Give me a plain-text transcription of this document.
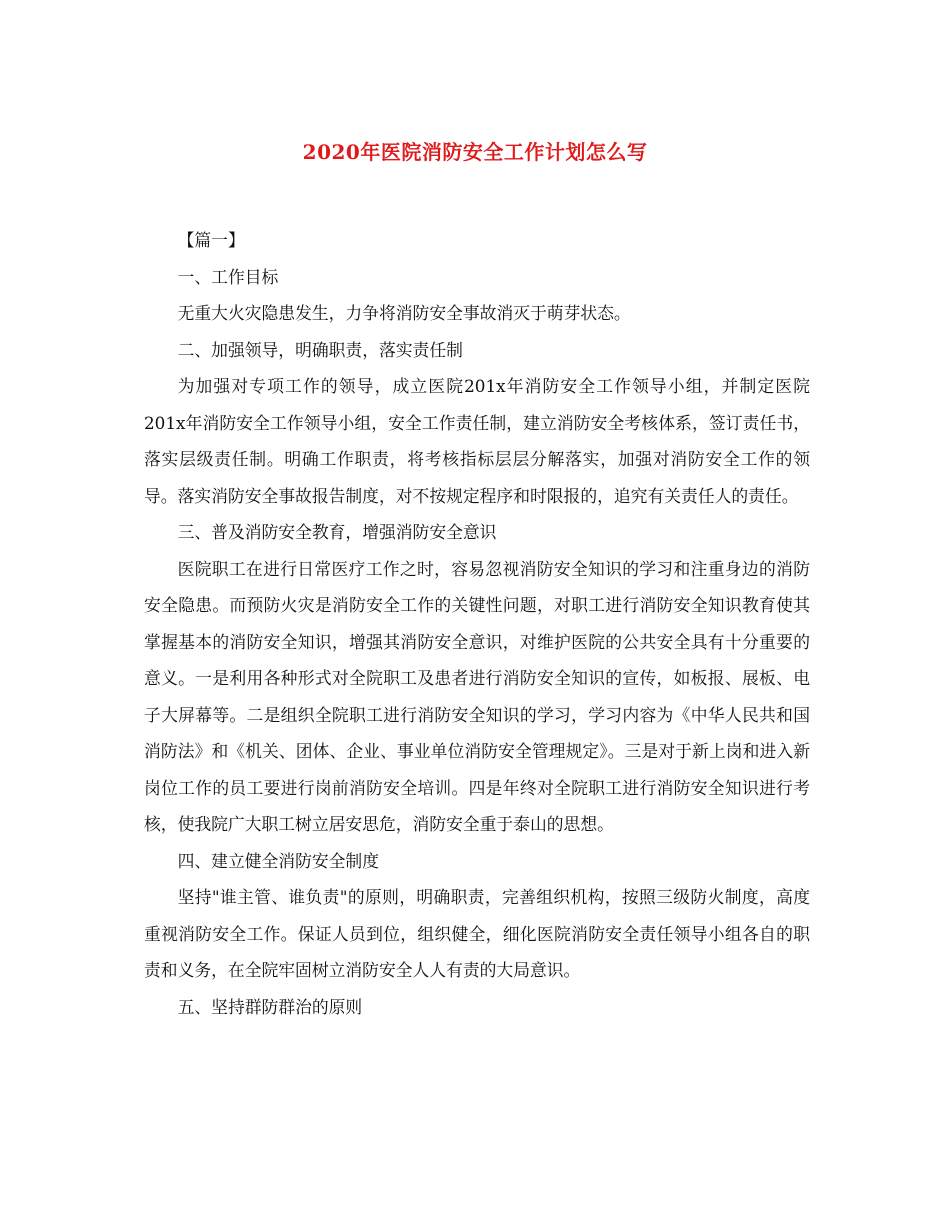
2020年医院消防安全工作计划怎么写

【篇一】

一、工作目标

无重大火灾隐患发生，力争将消防安全事故消灭于萌芽状态。

二、加强领导，明确职责，落实责任制

为加强对专项工作的领导，成立医院201x年消防安全工作领导小组，并制定医院201x年消防安全工作领导小组，安全工作责任制，建立消防安全考核体系，签订责任书，落实层级责任制。明确工作职责，将考核指标层层分解落实，加强对消防安全工作的领导。落实消防安全事故报告制度，对不按规定程序和时限报的，追究有关责任人的责任。

三、普及消防安全教育，增强消防安全意识

医院职工在进行日常医疗工作之时，容易忽视消防安全知识的学习和注重身边的消防安全隐患。而预防火灾是消防安全工作的关键性问题，对职工进行消防安全知识教育使其掌握基本的消防安全知识，增强其消防安全意识，对维护医院的公共安全具有十分重要的意义。一是利用各种形式对全院职工及患者进行消防安全知识的宣传，如板报、展板、电子大屏幕等。二是组织全院职工进行消防安全知识的学习，学习内容为《中华人民共和国消防法》和《机关、团体、企业、事业单位消防安全管理规定》。三是对于新上岗和进入新岗位工作的员工要进行岗前消防安全培训。四是年终对全院职工进行消防安全知识进行考核，使我院广大职工树立居安思危，消防安全重于泰山的思想。

四、建立健全消防安全制度

坚持"谁主管、谁负责"的原则，明确职责，完善组织机构，按照三级防火制度，高度重视消防安全工作。保证人员到位，组织健全，细化医院消防安全责任领导小组各自的职责和义务，在全院牢固树立消防安全人人有责的大局意识。

五、坚持群防群治的原则
